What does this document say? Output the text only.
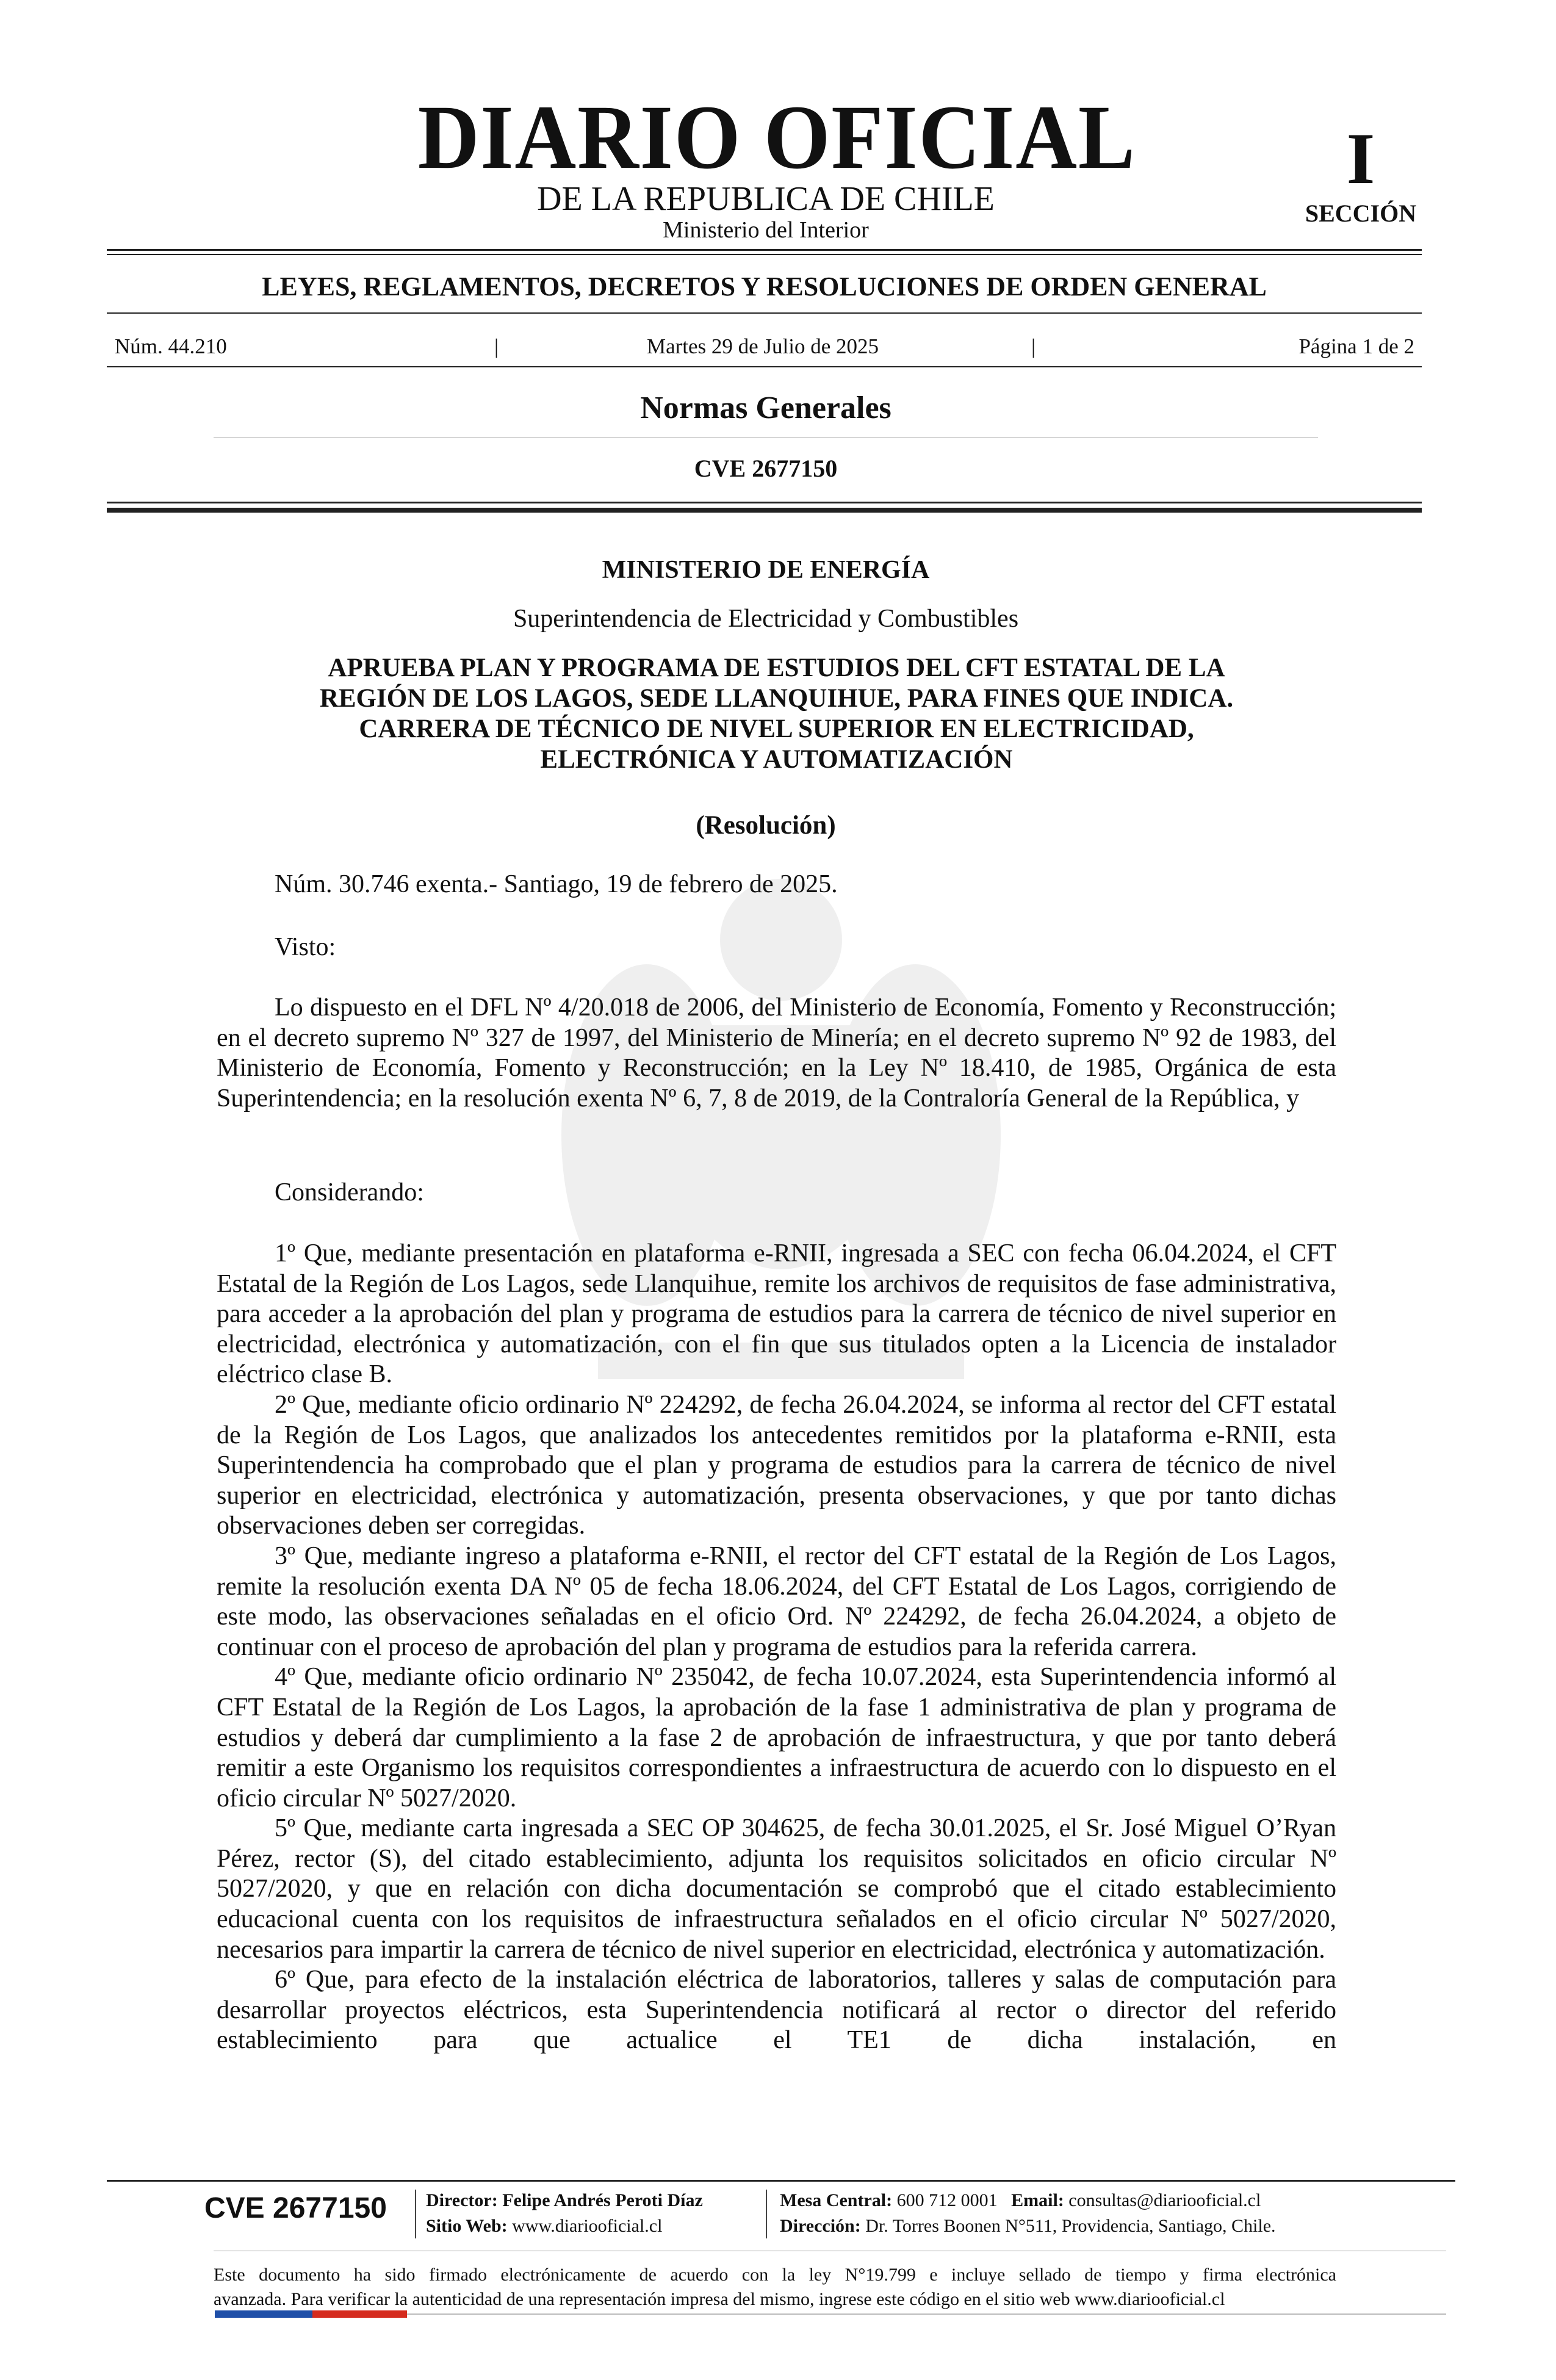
DIARIO OFICIAL
DE LA REPUBLICA DE CHILE
Ministerio del Interior
I
SECCIÓN
LEYES, REGLAMENTOS, DECRETOS Y RESOLUCIONES DE ORDEN GENERAL
Núm. 44.210	|	Martes 29 de Julio de 2025	|	Página 1 de 2
Normas Generales
CVE 2677150
MINISTERIO DE ENERGÍA
Superintendencia de Electricidad y Combustibles
APRUEBA PLAN Y PROGRAMA DE ESTUDIOS DEL CFT ESTATAL DE LA
REGIÓN DE LOS LAGOS, SEDE LLANQUIHUE, PARA FINES QUE INDICA.
CARRERA DE TÉCNICO DE NIVEL SUPERIOR EN ELECTRICIDAD,
ELECTRÓNICA Y AUTOMATIZACIÓN
(Resolución)
Núm. 30.746 exenta.- Santiago, 19 de febrero de 2025.
Visto:

Lo dispuesto en el DFL Nº 4/20.018 de 2006, del Ministerio de Economía, Fomento y Reconstrucción; en el decreto supremo Nº 327 de 1997, del Ministerio de Minería; en el decreto supremo Nº 92 de 1983, del Ministerio de Economía, Fomento y Reconstrucción; en la Ley Nº 18.410, de 1985, Orgánica de esta Superintendencia; en la resolución exenta Nº 6, 7, 8 de 2019, de la Contraloría General de la República, y

Considerando:

1º Que, mediante presentación en plataforma e-RNII, ingresada a SEC con fecha 06.04.2024, el CFT Estatal de la Región de Los Lagos, sede Llanquihue, remite los archivos de requisitos de fase administrativa, para acceder a la aprobación del plan y programa de estudios para la carrera de técnico de nivel superior en electricidad, electrónica y automatización, con el fin que sus titulados opten a la Licencia de instalador eléctrico clase B.

2º Que, mediante oficio ordinario Nº 224292, de fecha 26.04.2024, se informa al rector del CFT estatal de la Región de Los Lagos, que analizados los antecedentes remitidos por la plataforma e-RNII, esta Superintendencia ha comprobado que el plan y programa de estudios para la carrera de técnico de nivel superior en electricidad, electrónica y automatización, presenta observaciones, y que por tanto dichas observaciones deben ser corregidas.

3º Que, mediante ingreso a plataforma e-RNII, el rector del CFT estatal de la Región de Los Lagos, remite la resolución exenta DA Nº 05 de fecha 18.06.2024, del CFT Estatal de Los Lagos, corrigiendo de este modo, las observaciones señaladas en el oficio Ord. Nº 224292, de fecha 26.04.2024, a objeto de continuar con el proceso de aprobación del plan y programa de estudios para la referida carrera.

4º Que, mediante oficio ordinario Nº 235042, de fecha 10.07.2024, esta Superintendencia informó al CFT Estatal de la Región de Los Lagos, la aprobación de la fase 1 administrativa de plan y programa de estudios y deberá dar cumplimiento a la fase 2 de aprobación de infraestructura, y que por tanto deberá remitir a este Organismo los requisitos correspondientes a infraestructura de acuerdo con lo dispuesto en el oficio circular Nº 5027/2020.

5º Que, mediante carta ingresada a SEC OP 304625, de fecha 30.01.2025, el Sr. José Miguel O’Ryan Pérez, rector (S), del citado establecimiento, adjunta los requisitos solicitados en oficio circular Nº 5027/2020, y que en relación con dicha documentación se comprobó que el citado establecimiento educacional cuenta con los requisitos de infraestructura señalados en el oficio circular Nº 5027/2020, necesarios para impartir la carrera de técnico de nivel superior en electricidad, electrónica y automatización.

6º Que, para efecto de la instalación eléctrica de laboratorios, talleres y salas de computación para desarrollar proyectos eléctricos, esta Superintendencia notificará al rector o director del referido establecimiento para que actualice el TE1 de dicha instalación, en

CVE 2677150 Director: Felipe Andrés Peroti Díaz
Sitio Web: www.diariooficial.cl
Mesa Central: 600 712 0001 Email: consultas@diariooficial.cl
Dirección: Dr. Torres Boonen N°511, Providencia, Santiago, Chile.
Este documento ha sido firmado electrónicamente de acuerdo con la ley N°19.799 e incluye sellado de tiempo y firma electrónica
avanzada. Para verificar la autenticidad de una representación impresa del mismo, ingrese este código en el sitio web www.diariooficial.cl
